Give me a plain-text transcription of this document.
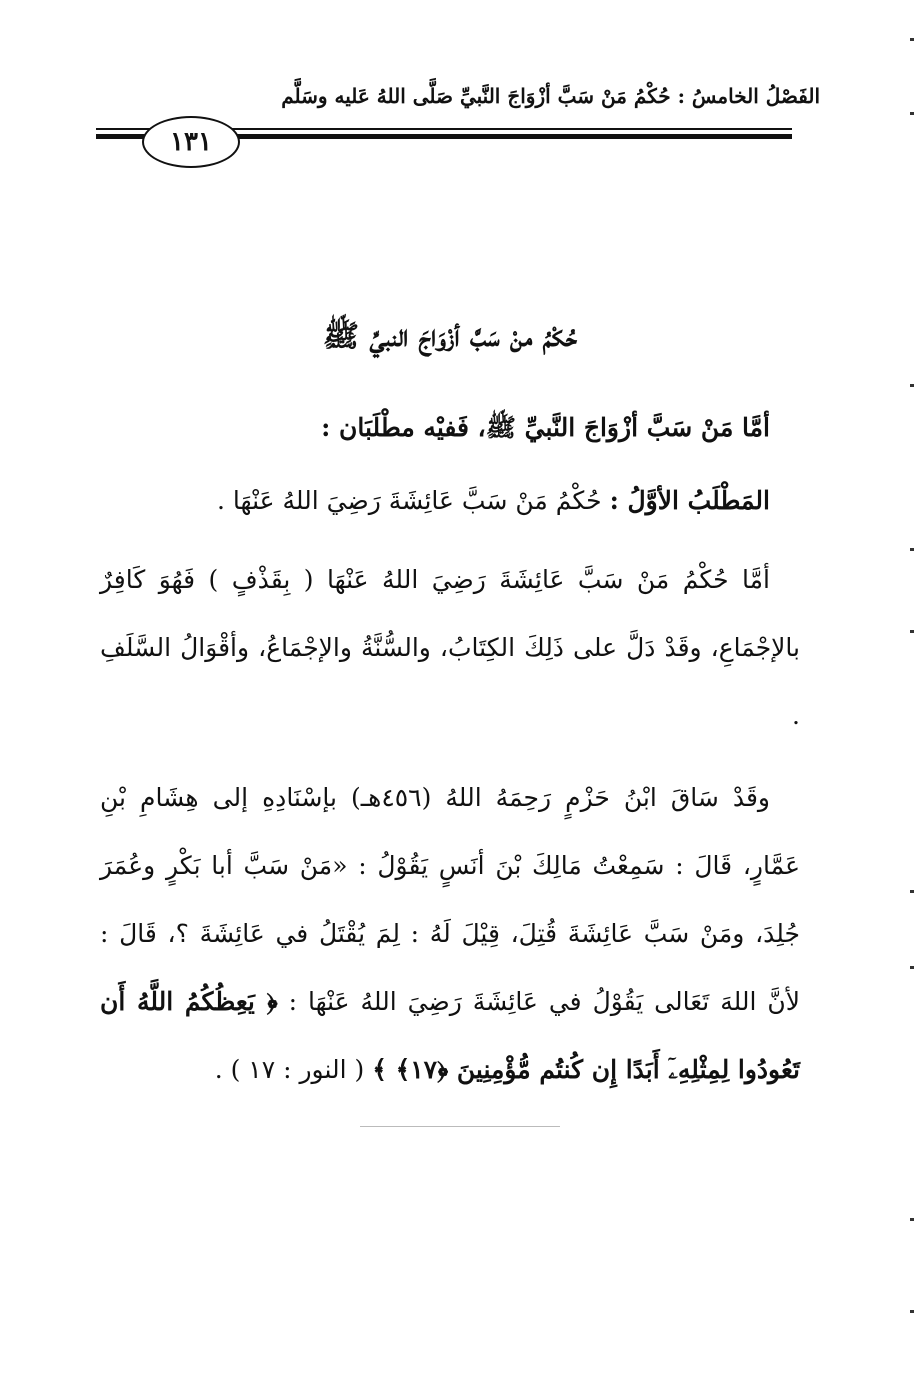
الفَصْلُ الخامسُ : حُكْمُ مَنْ سَبَّ أزْوَاجَ النَّبيِّ صَلَّى اللهُ عَليه وسَلَّم
١٣١
حُكْمُ منْ سَبَّ أزْوَاجَ النبيِّ ﷺ
أمَّا مَنْ سَبَّ أزْوَاجَ النَّبيِّ ﷺ، فَفيْه مطْلَبَان :
المَطْلَبُ الأوَّلُ : حُكْمُ مَنْ سَبَّ عَائِشَةَ رَضِيَ اللهُ عَنْهَا .
أمَّا حُكْمُ مَنْ سَبَّ عَائِشَةَ رَضِيَ اللهُ عَنْهَا ( بِقَذْفٍ ) فَهُوَ كَافِرٌ بالإجْمَاعِ، وقَدْ دَلَّ على ذَلِكَ الكِتَابُ، والسُّنَّةُ والإجْمَاعُ، وأقْوَالُ السَّلَفِ .
وقَدْ سَاقَ ابْنُ حَزْمٍ رَحِمَهُ اللهُ (٤٥٦هـ) بإسْنَادِهِ إلى هِشَامِ بْنِ عَمَّارٍ، قَالَ : سَمِعْتُ مَالِكَ بْنَ أنَسٍ يَقُوْلُ : «مَنْ سَبَّ أبا بَكْرٍ وعُمَرَ جُلِدَ، ومَنْ سَبَّ عَائِشَةَ قُتِلَ، قِيْلَ لَهُ : لِمَ يُقْتَلُ في عَائِشَةَ ؟، قَالَ : لأنَّ اللهَ تَعَالى يَقُوْلُ في عَائِشَةَ رَضِيَ اللهُ عَنْهَا : ﴿ يَعِظُكُمُ اللَّهُ أَن تَعُودُوا لِمِثْلِهِۦٓ أَبَدًا إِن كُنتُم مُّؤْمِنِينَ ﴿١٧﴾ ﴾ ( النور : ١٧ ) .
